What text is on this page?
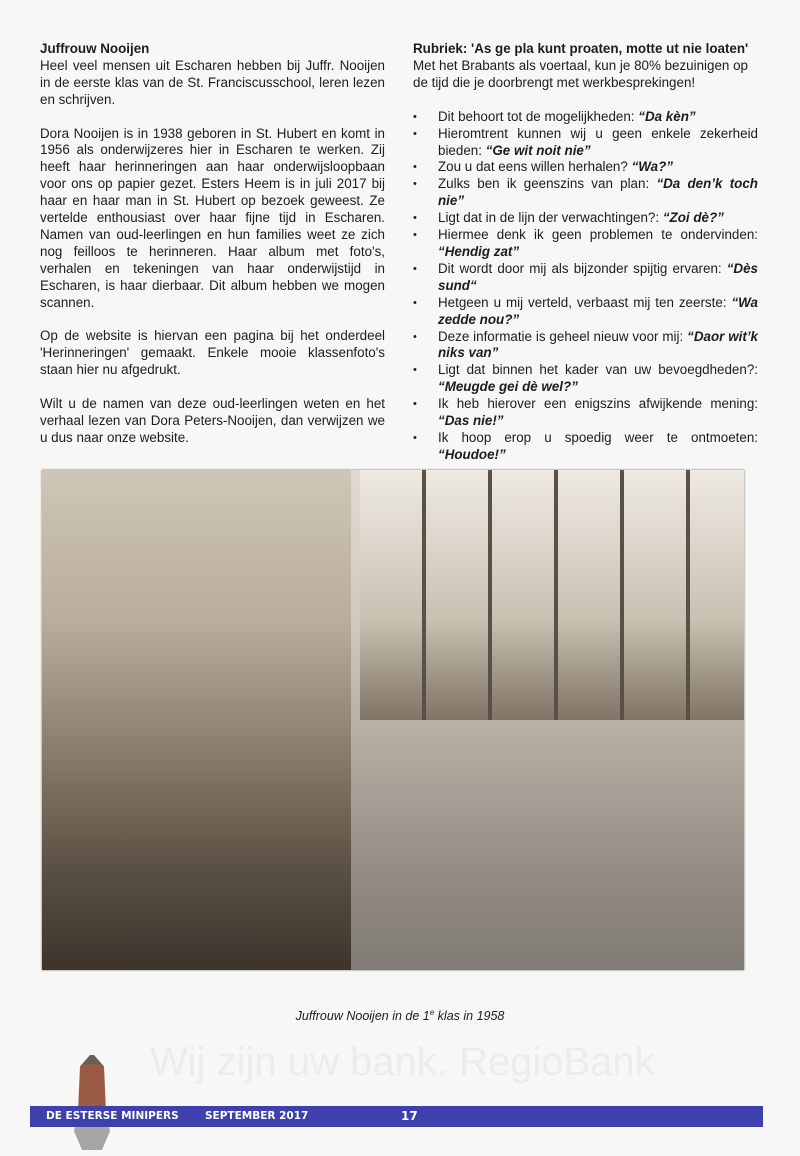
Wij zijn uw bank. RegioBank

Juffrouw Nooijen
Heel veel mensen uit Escharen hebben bij Juffr. Nooijen in de eerste klas van de St. Franciscusschool, leren lezen en schrijven.

Dora Nooijen is in 1938 geboren in St. Hubert en komt in 1956 als onderwijzeres hier in Escharen te werken. Zij heeft haar herinneringen aan haar onderwijsloopbaan voor ons op papier gezet. Esters Heem is in juli 2017 bij haar en haar man in St. Hubert op bezoek geweest. Ze vertelde enthousiast over haar fijne tijd in Escharen. Namen van oud-leerlingen en hun families weet ze zich nog feilloos te herinneren. Haar album met foto's, verhalen en tekeningen van haar onderwijstijd in Escharen, is haar dierbaar. Dit album hebben we mogen scannen.

Op de website is hiervan een pagina bij het onderdeel 'Herinneringen' gemaakt. Enkele mooie klassenfoto's staan hier nu afgedrukt.

Wilt u de namen van deze oud-leerlingen weten en het verhaal lezen van Dora Peters-Nooijen, dan verwijzen we u dus naar onze website.

Rubriek: 'As ge pla kunt proaten, motte ut nie loaten'
Met het Brabants als voertaal, kun je 80% bezuinigen op de tijd die je doorbrengt met werkbesprekingen!
• Dit behoort tot de mogelijkheden: “Da kèn”
• Hieromtrent kunnen wij u geen enkele zekerheid bieden: “Ge wit noit nie”
• Zou u dat eens willen herhalen? “Wa?”
• Zulks ben ik geenszins van plan: “Da den’k toch nie”
• Ligt dat in de lijn der verwachtingen?: “Zoi dè?”
• Hiermee denk ik geen problemen te ondervinden: “Hendig zat”
• Dit wordt door mij als bijzonder spijtig ervaren: “Dès sund“
• Hetgeen u mij verteld, verbaast mij ten zeerste: “Wa zedde nou?”
• Deze informatie is geheel nieuw voor mij: “Daor wit’k niks van”
• Ligt dat binnen het kader van uw bevoegdheden?: “Meugde gei dè wel?”
• Ik heb hierover een enigszins afwijkende mening: “Das nie!”
• Ik hoop erop u spoedig weer te ontmoeten: “Houdoe!”
Juffrouw Nooijen in de 1e klas in 1958
DE ESTERSE MINIPERS	SEPTEMBER 2017	17
